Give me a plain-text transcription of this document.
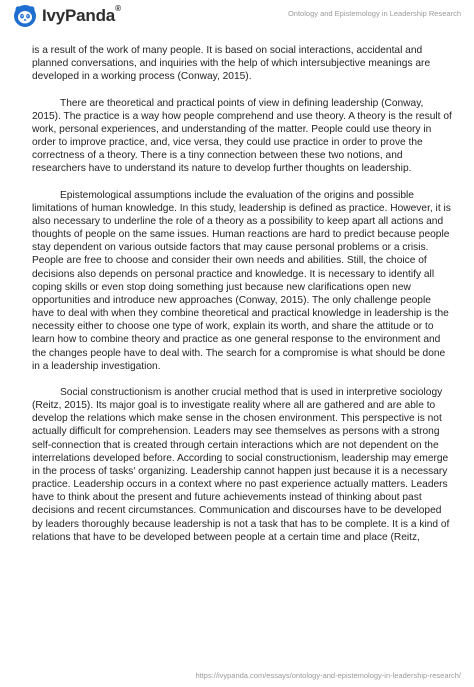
IvyPanda®
Ontology and Epistemology in Leadership Research

is a result of the work of many people. It is based on social interactions, accidental and planned conversations, and inquiries with the help of which intersubjective meanings are developed in a working process (Conway, 2015).

There are theoretical and practical points of view in defining leadership (Conway, 2015). The practice is a way how people comprehend and use theory. A theory is the result of work, personal experiences, and understanding of the matter. People could use theory in order to improve practice, and, vice versa, they could use practice in order to prove the correctness of a theory. There is a tiny connection between these two notions, and researchers have to understand its nature to develop further thoughts on leadership.

Epistemological assumptions include the evaluation of the origins and possible limitations of human knowledge. In this study, leadership is defined as practice. However, it is also necessary to underline the role of a theory as a possibility to keep apart all actions and thoughts of people on the same issues. Human reactions are hard to predict because people stay dependent on various outside factors that may cause personal problems or a crisis. People are free to choose and consider their own needs and abilities. Still, the choice of decisions also depends on personal practice and knowledge. It is necessary to identify all coping skills or even stop doing something just because new clarifications open new opportunities and introduce new approaches (Conway, 2015). The only challenge people have to deal with when they combine theoretical and practical knowledge in leadership is the necessity either to choose one type of work, explain its worth, and share the attitude or to learn how to combine theory and practice as one general response to the environment and the changes people have to deal with. The search for a compromise is what should be done in a leadership investigation.

Social constructionism is another crucial method that is used in interpretive sociology (Reitz, 2015). Its major goal is to investigate reality where all are gathered and are able to develop the relations which make sense in the chosen environment. This perspective is not actually difficult for comprehension. Leaders may see themselves as persons with a strong self-connection that is created through certain interactions which are not dependent on the interrelations developed before. According to social constructionism, leadership may emerge in the process of tasks' organizing. Leadership cannot happen just because it is a necessary practice. Leadership occurs in a context where no past experience actually matters. Leaders have to think about the present and future achievements instead of thinking about past decisions and recent circumstances. Communication and discourses have to be developed by leaders thoroughly because leadership is not a task that has to be complete. It is a kind of relations that have to be developed between people at a certain time and place (Reitz,

https://ivypanda.com/essays/ontology-and-epistemology-in-leadership-research/
